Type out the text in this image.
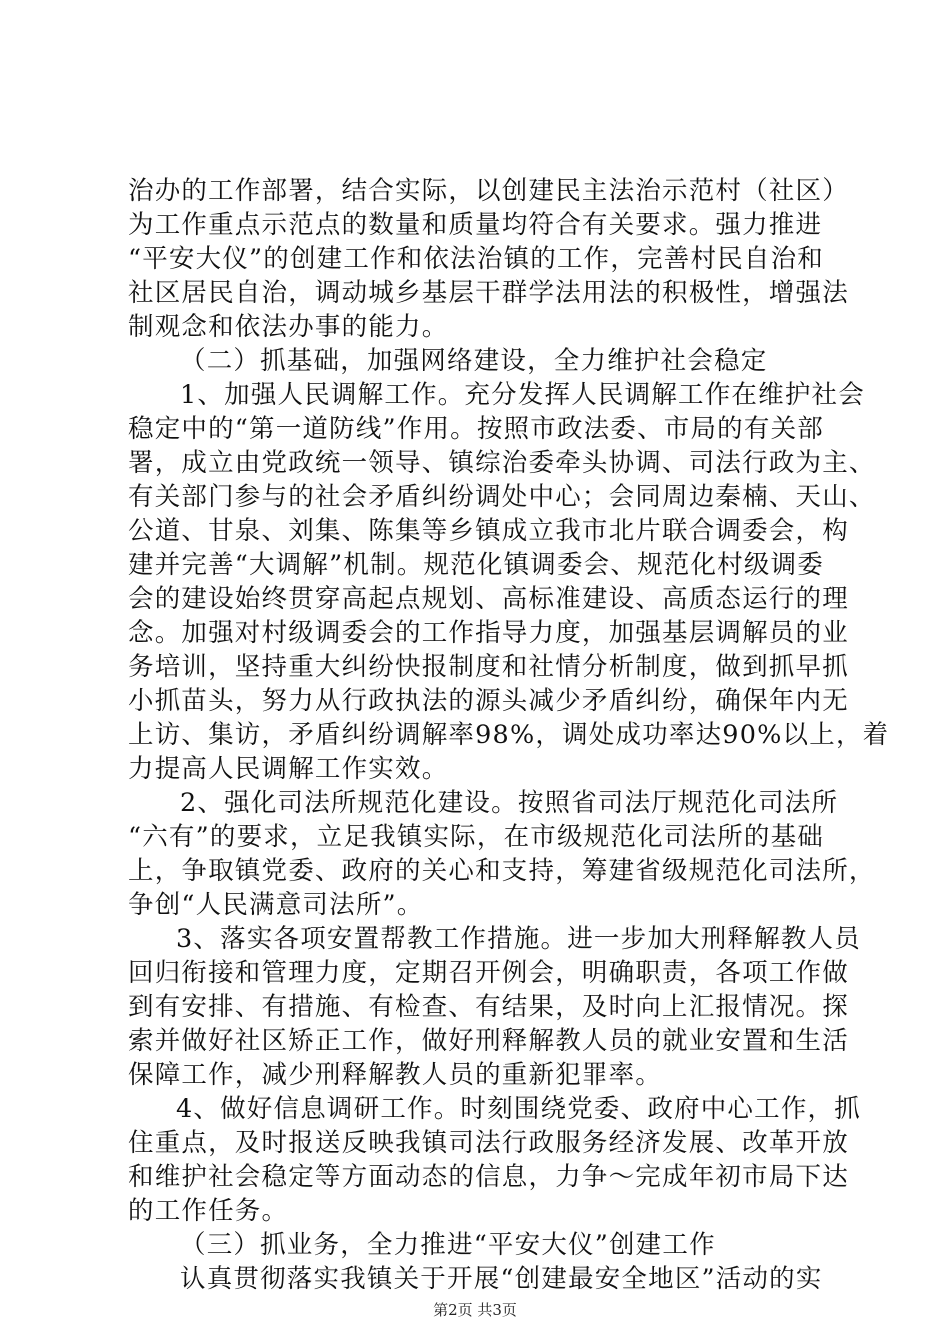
治办的工作部署，结合实际，以创建民主法治示范村（社区）
为工作重点示范点的数量和质量均符合有关要求。强力推进
“平安大仪”的创建工作和依法治镇的工作，完善村民自治和
社区居民自治，调动城乡基层干群学法用法的积极性，增强法
制观念和依法办事的能力。
（二）抓基础，加强网络建设，全力维护社会稳定
1、加强人民调解工作。充分发挥人民调解工作在维护社会
稳定中的“第一道防线”作用。按照市政法委、市局的有关部
署，成立由党政统一领导、镇综治委牵头协调、司法行政为主、
有关部门参与的社会矛盾纠纷调处中心；会同周边秦楠、天山、
公道、甘泉、刘集、陈集等乡镇成立我市北片联合调委会，构
建并完善“大调解”机制。规范化镇调委会、规范化村级调委
会的建设始终贯穿高起点规划、高标准建设、高质态运行的理
念。加强对村级调委会的工作指导力度，加强基层调解员的业
务培训，坚持重大纠纷快报制度和社情分析制度，做到抓早抓
小抓苗头，努力从行政执法的源头减少矛盾纠纷，确保年内无
上访、集访，矛盾纠纷调解率98%，调处成功率达90%以上，着
力提高人民调解工作实效。
2、强化司法所规范化建设。按照省司法厅规范化司法所
“六有”的要求，立足我镇实际，在市级规范化司法所的基础
上，争取镇党委、政府的关心和支持，筹建省级规范化司法所，
争创“人民满意司法所”。
3、落实各项安置帮教工作措施。进一步加大刑释解教人员
回归衔接和管理力度，定期召开例会，明确职责，各项工作做
到有安排、有措施、有检查、有结果，及时向上汇报情况。探
索并做好社区矫正工作，做好刑释解教人员的就业安置和生活
保障工作，减少刑释解教人员的重新犯罪率。
4、做好信息调研工作。时刻围绕党委、政府中心工作，抓
住重点，及时报送反映我镇司法行政服务经济发展、改革开放
和维护社会稳定等方面动态的信息，力争～完成年初市局下达
的工作任务。
（三）抓业务，全力推进“平安大仪”创建工作
认真贯彻落实我镇关于开展“创建最安全地区”活动的实
第2页 共3页
